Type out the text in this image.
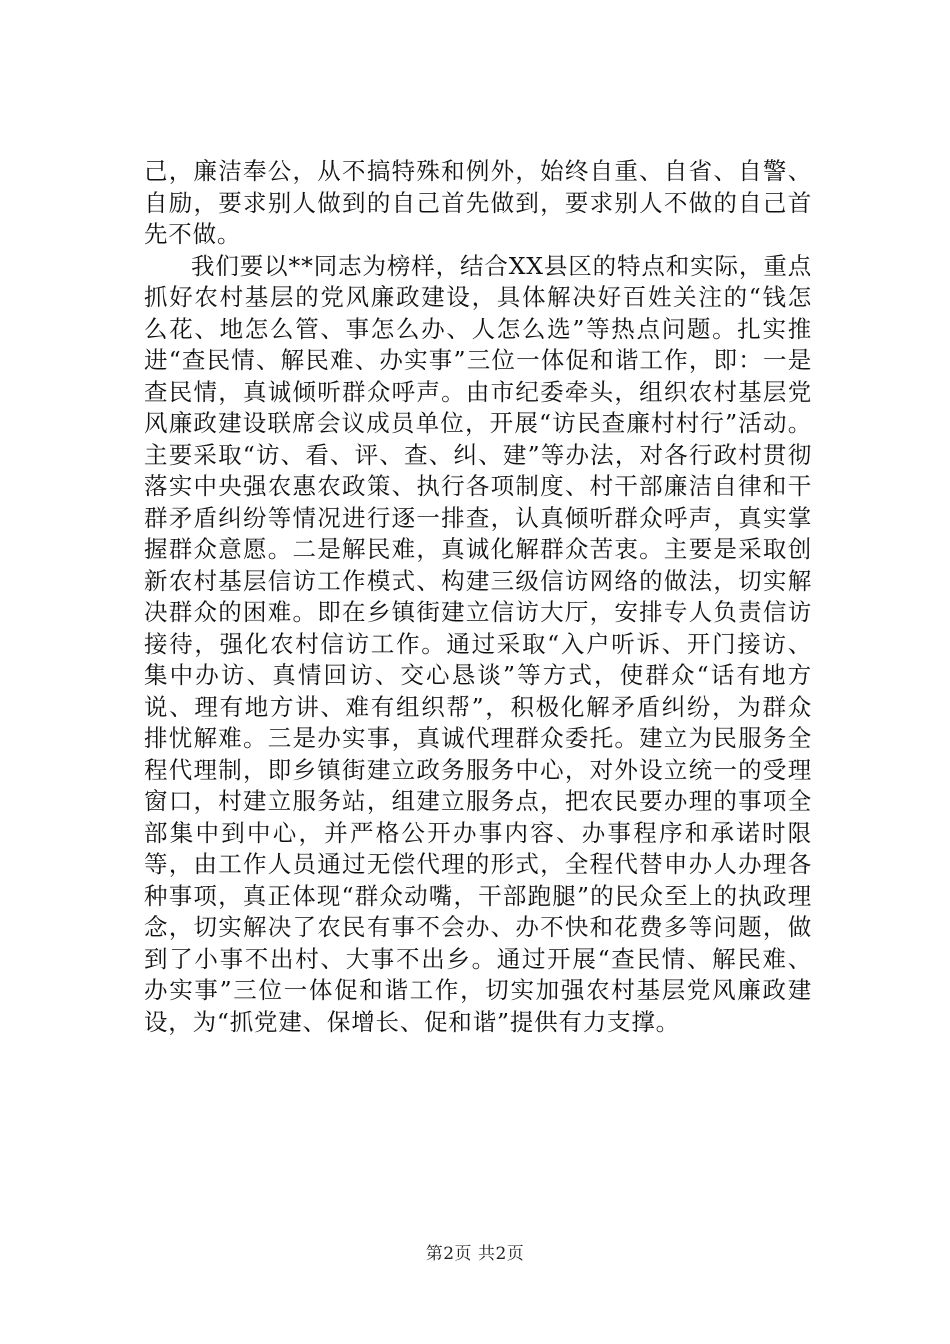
己，廉洁奉公，从不搞特殊和例外，始终自重、自省、自警、自励，要求别人做到的自己首先做到，要求别人不做的自己首先不做。

我们要以**同志为榜样，结合XX县区的特点和实际，重点抓好农村基层的党风廉政建设，具体解决好百姓关注的“钱怎么花、地怎么管、事怎么办、人怎么选”等热点问题。扎实推进“查民情、解民难、办实事”三位一体促和谐工作，即：一是查民情，真诚倾听群众呼声。由市纪委牵头，组织农村基层党风廉政建设联席会议成员单位，开展“访民查廉村村行”活动。主要采取“访、看、评、查、纠、建”等办法，对各行政村贯彻落实中央强农惠农政策、执行各项制度、村干部廉洁自律和干群矛盾纠纷等情况进行逐一排查，认真倾听群众呼声，真实掌握群众意愿。二是解民难，真诚化解群众苦衷。主要是采取创新农村基层信访工作模式、构建三级信访网络的做法，切实解决群众的困难。即在乡镇街建立信访大厅，安排专人负责信访接待，强化农村信访工作。通过采取“入户听诉、开门接访、集中办访、真情回访、交心恳谈”等方式，使群众“话有地方说、理有地方讲、难有组织帮”，积极化解矛盾纠纷，为群众排忧解难。三是办实事，真诚代理群众委托。建立为民服务全程代理制，即乡镇街建立政务服务中心，对外设立统一的受理窗口，村建立服务站，组建立服务点，把农民要办理的事项全部集中到中心，并严格公开办事内容、办事程序和承诺时限等，由工作人员通过无偿代理的形式，全程代替申办人办理各种事项，真正体现“群众动嘴，干部跑腿”的民众至上的执政理念，切实解决了农民有事不会办、办不快和花费多等问题，做到了小事不出村、大事不出乡。通过开展“查民情、解民难、办实事”三位一体促和谐工作，切实加强农村基层党风廉政建设，为“抓党建、保增长、促和谐”提供有力支撑。

第2页 共2页
